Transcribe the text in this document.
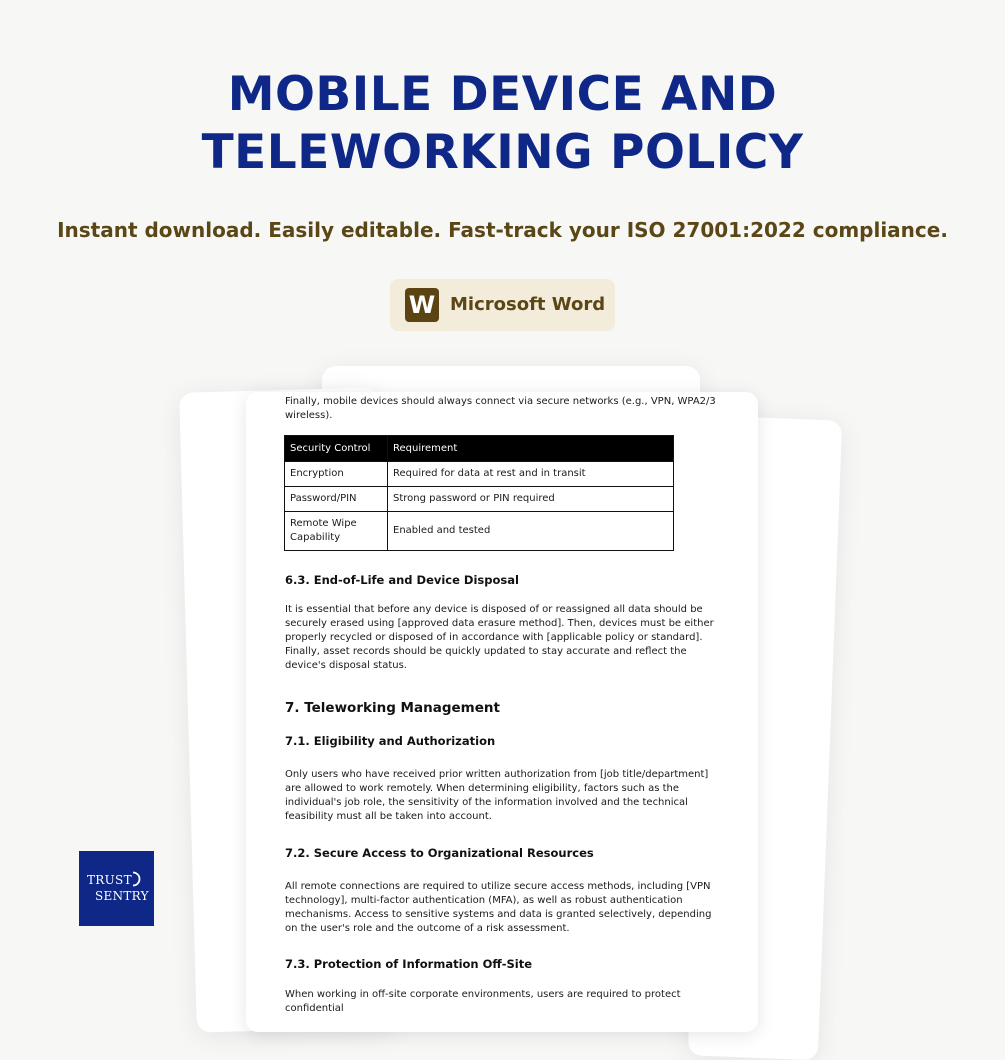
MOBILE DEVICE AND
TELEWORKING POLICY
Instant download. Easily editable. Fast-track your ISO 27001:2022 compliance.
W Microsoft Word
Finally, mobile devices should always connect via secure networks (e.g., VPN, WPA2/3 wireless).
Security Control	Requirement
Encryption	Required for data at rest and in transit
Password/PIN	Strong password or PIN required
Remote Wipe Capability	Enabled and tested
6.3. End-of-Life and Device Disposal
It is essential that before any device is disposed of or reassigned all data should be securely erased using [approved data erasure method]. Then, devices must be either properly recycled or disposed of in accordance with [applicable policy or standard]. Finally, asset records should be quickly updated to stay accurate and reflect the device's disposal status.
7. Teleworking Management
7.1. Eligibility and Authorization
Only users who have received prior written authorization from [job title/department] are allowed to work remotely. When determining eligibility, factors such as the individual's job role, the sensitivity of the information involved and the technical feasibility must all be taken into account.
7.2. Secure Access to Organizational Resources
All remote connections are required to utilize secure access methods, including [VPN technology], multi-factor authentication (MFA), as well as robust authentication mechanisms. Access to sensitive systems and data is granted selectively, depending on the user's role and the outcome of a risk assessment.
7.3. Protection of Information Off-Site
When working in off-site corporate environments, users are required to protect confidential
TRUST
SENTRY
